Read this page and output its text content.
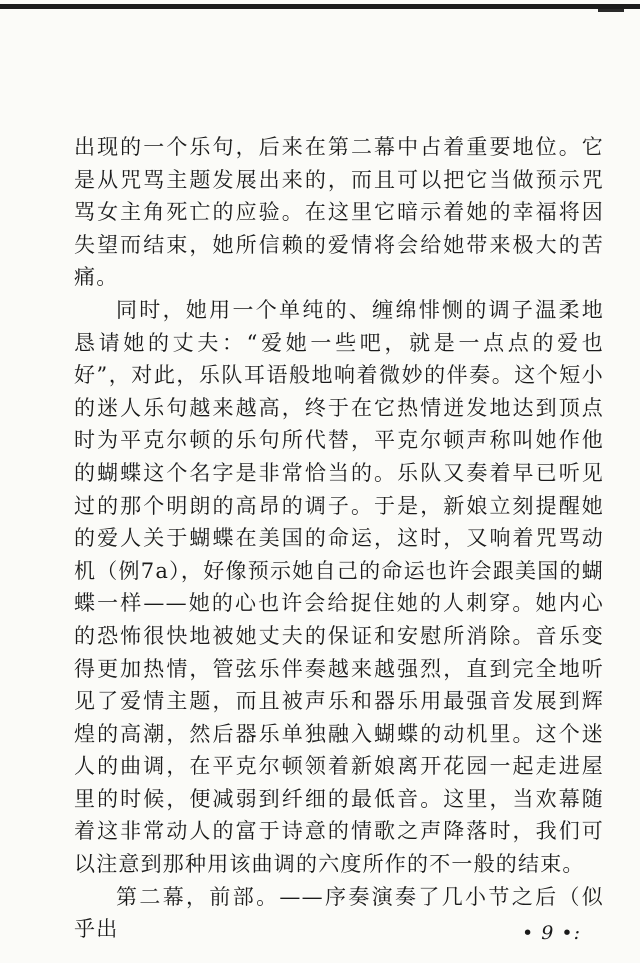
出现的一个乐句，后来在第二幕中占着重要地位。它是从咒骂主题发展出来的，而且可以把它当做预示咒骂女主角死亡的应验。在这里它暗示着她的幸福将因失望而结束，她所信赖的爱情将会给她带来极大的苦痛。

同时，她用一个单纯的、缠绵悱恻的调子温柔地恳请她的丈夫：“爱她一些吧，就是一点点的爱也好”，对此，乐队耳语般地响着微妙的伴奏。这个短小的迷人乐句越来越高，终于在它热情迸发地达到顶点时为平克尔顿的乐句所代替，平克尔顿声称叫她作他的蝴蝶这个名字是非常恰当的。乐队又奏着早已听见过的那个明朗的高昂的调子。于是，新娘立刻提醒她的爱人关于蝴蝶在美国的命运，这时，又响着咒骂动机（例7a），好像预示她自己的命运也许会跟美国的蝴蝶一样——她的心也许会给捉住她的人刺穿。她内心的恐怖很快地被她丈夫的保证和安慰所消除。音乐变得更加热情，管弦乐伴奏越来越强烈，直到完全地听见了爱情主题，而且被声乐和器乐用最强音发展到辉煌的高潮，然后器乐单独融入蝴蝶的动机里。这个迷人的曲调，在平克尔顿领着新娘离开花园一起走进屋里的时候，便减弱到纤细的最低音。这里，当欢幕随着这非常动人的富于诗意的情歌之声降落时，我们可以注意到那种用该曲调的六度所作的不一般的结束。

第二幕，前部。——序奏演奏了几小节之后（似乎出	• 9 •:
